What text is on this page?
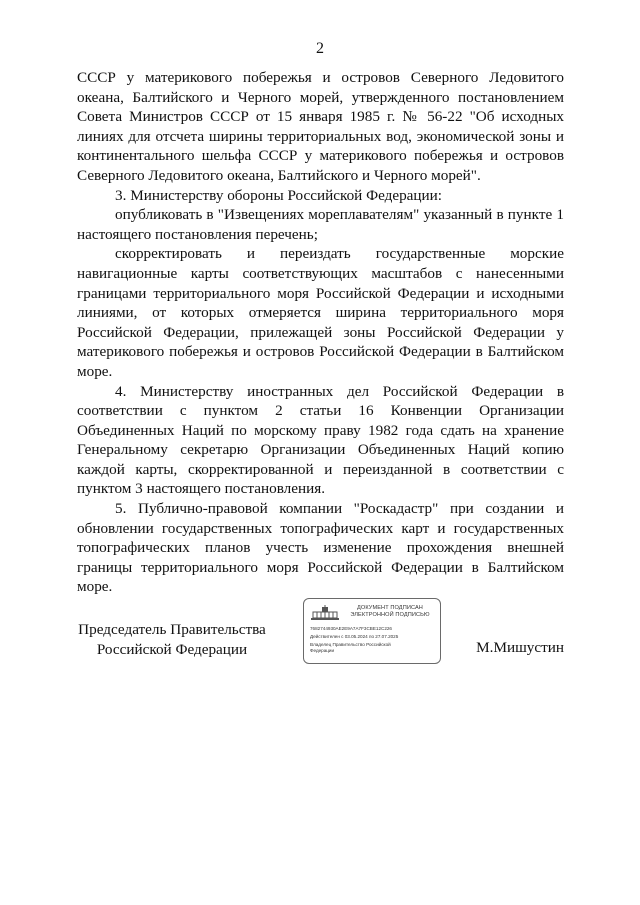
2

СССР у материкового побережья и островов Северного Ледовитого океана, Балтийского и Черного морей, утвержденного постановлением Совета Министров СССР от 15 января 1985 г. № 56-22 "Об исходных линиях для отсчета ширины территориальных вод, экономической зоны и континентального шельфа СССР у материкового побережья и островов Северного Ледовитого океана, Балтийского и Черного морей".

3. Министерству обороны Российской Федерации:

опубликовать в "Извещениях мореплавателям" указанный в пункте 1 настоящего постановления перечень;

скорректировать и переиздать государственные морские навигационные карты соответствующих масштабов с нанесенными границами территориального моря Российской Федерации и исходными линиями, от которых отмеряется ширина территориального моря Российской Федерации, прилежащей зоны Российской Федерации у материкового побережья и островов Российской Федерации в Балтийском море.

4. Министерству иностранных дел Российской Федерации в соответствии с пунктом 2 статьи 16 Конвенции Организации Объединенных Наций по морскому праву 1982 года сдать на хранение Генеральному секретарю Организации Объединенных Наций копию каждой карты, скорректированной и переизданной в соответствии с пунктом 3 настоящего постановления.

5. Публично-правовой компании "Роскадастр" при создании и обновлении государственных топографических карт и государственных топографических планов учесть изменение прохождения внешней границы территориального моря Российской Федерации в Балтийском море.

Председатель Правительства
Российской Федерации
ДОКУМЕНТ ПОДПИСАН
ЭЛЕКТРОННОЙ ПОДПИСЬЮ
7682744930AE2E9A7A7F3CBE12C226
Действителен с 03.05.2024 по 27.07.2025
Владелец Правительство Российской
Федерации	М.Мишустин
